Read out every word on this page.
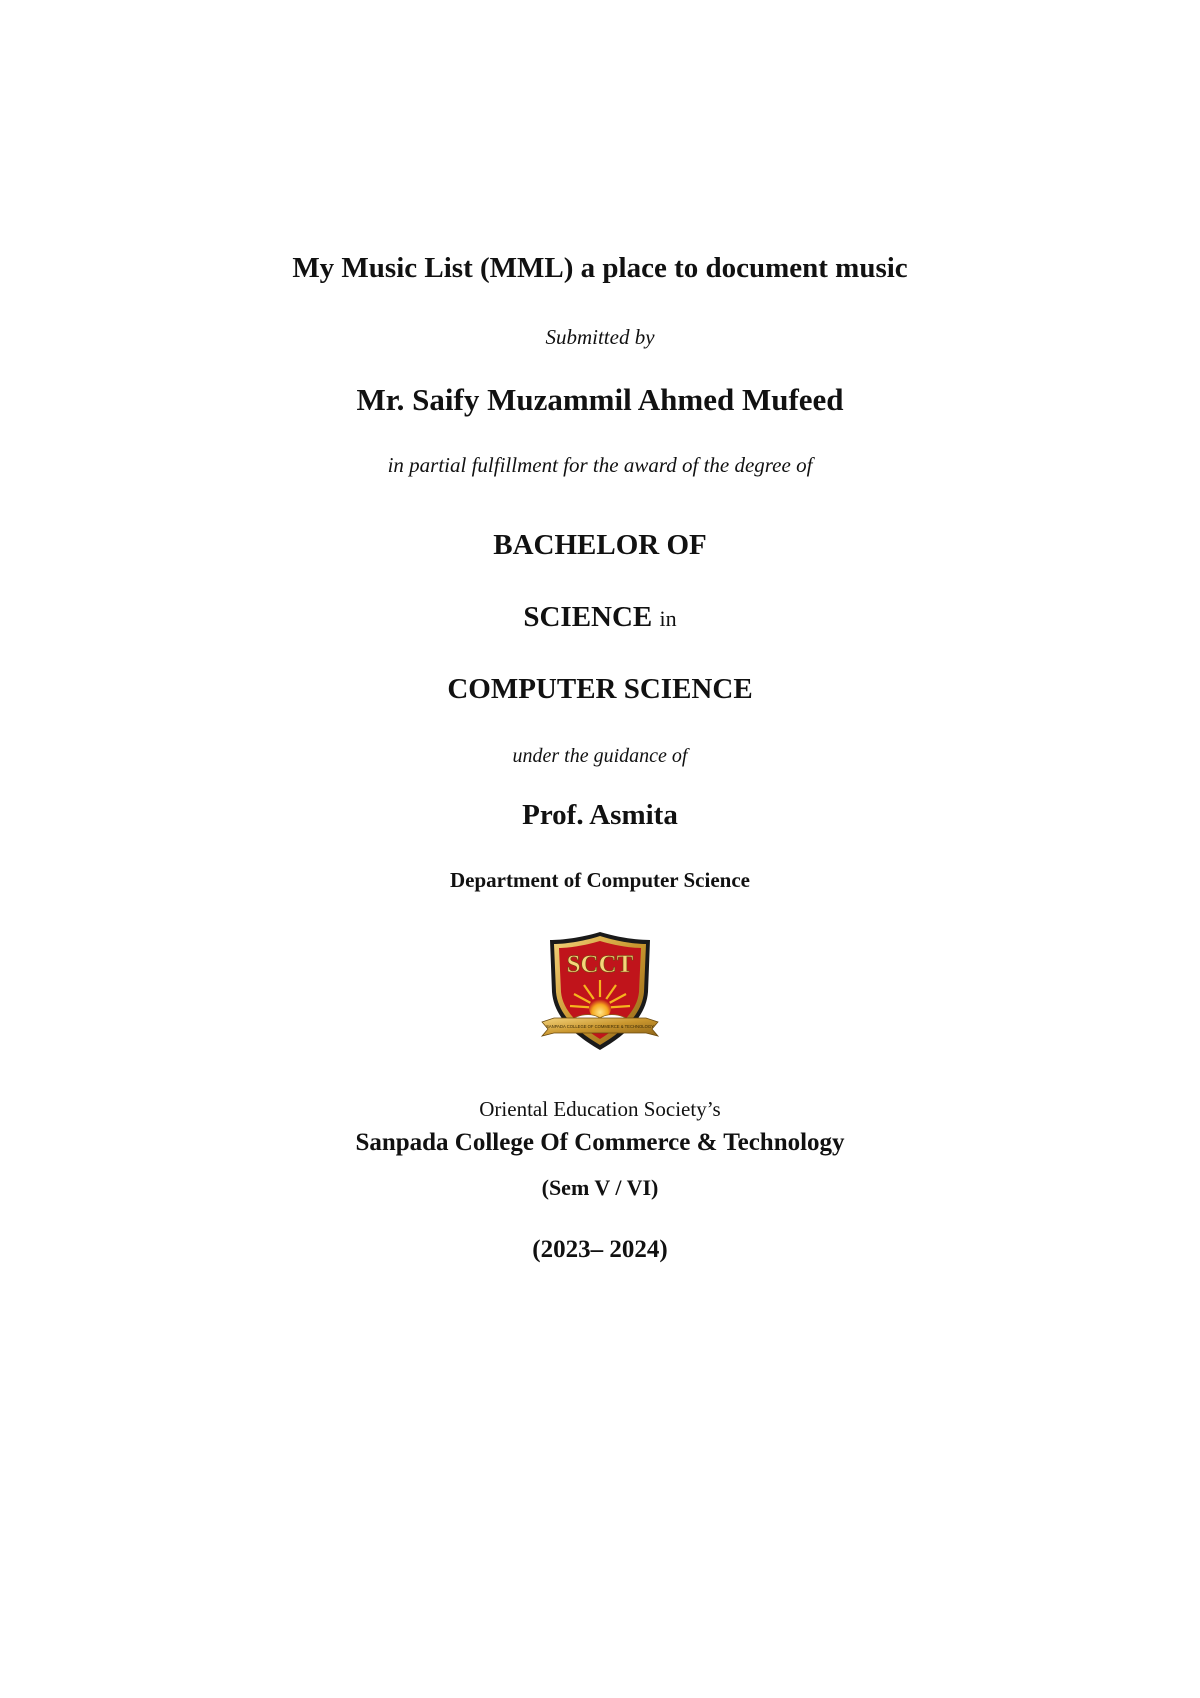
My Music List (MML) a place to document music
Submitted by
Mr. Saify Muzammil Ahmed Mufeed
in partial fulfillment for the award of the degree of
BACHELOR OF
SCIENCE in
COMPUTER SCIENCE
under the guidance of
Prof. Asmita
Department of Computer Science
SCCT
SANPADA COLLEGE OF COMMERCE & TECHNOLOGY
Oriental Education Society’s
Sanpada College Of Commerce & Technology
(Sem V / VI)
(2023– 2024)
